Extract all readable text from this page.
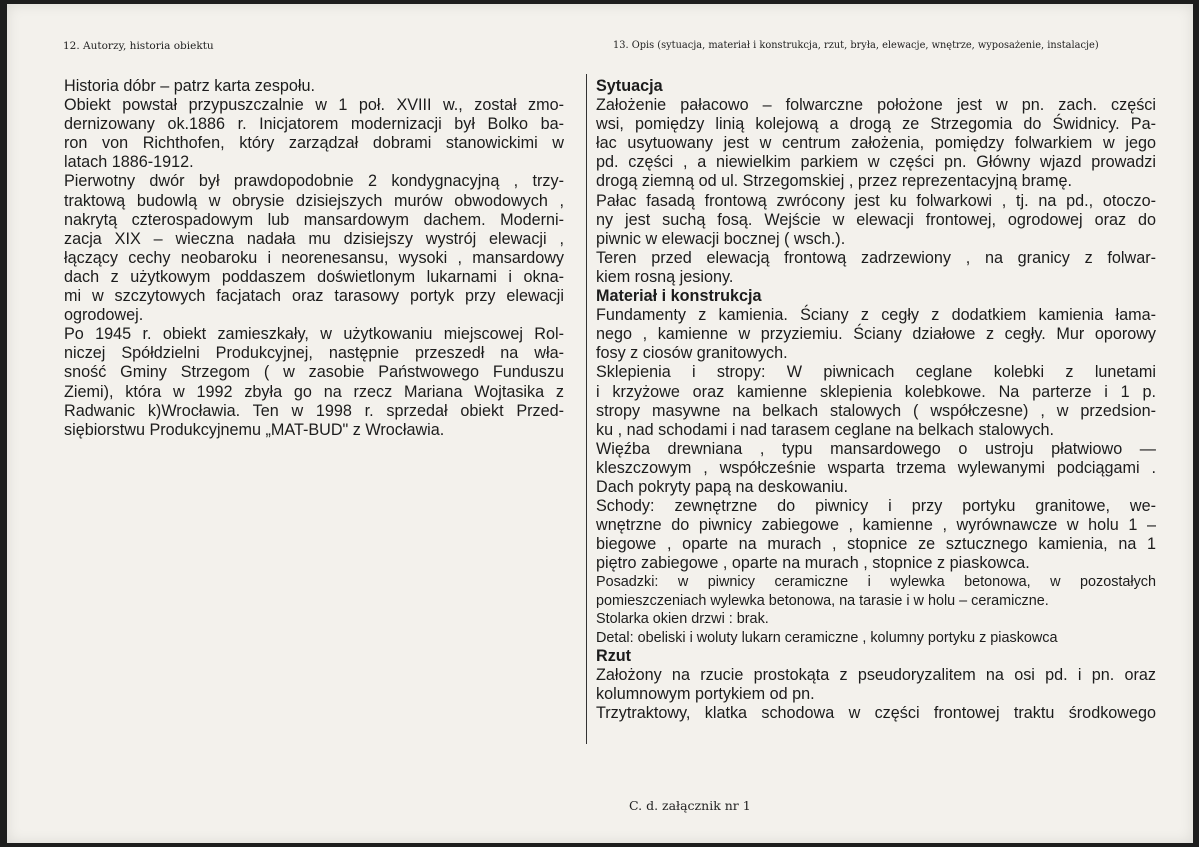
12. Autorzy, historia obiektu	13. Opis (sytuacja, materiał i konstrukcja, rzut, bryła, elewacje, wnętrze, wyposażenie, instalacje)
Historia dóbr – patrz karta zespołu.
Obiekt powstał przypuszczalnie w 1 poł. XVIII w., został zmo-
dernizowany ok.1886 r. Inicjatorem modernizacji był Bolko ba-
ron von Richthofen, który zarządzał dobrami stanowickimi w
latach 1886-1912.
Pierwotny dwór był prawdopodobnie 2 kondygnacyjną , trzy-
traktową budowlą w obrysie dzisiejszych murów obwodowych ,
nakrytą czterospadowym lub mansardowym dachem. Moderni-
zacja XIX – wieczna nadała mu dzisiejszy wystrój elewacji ,
łączący cechy neobaroku i neorenesansu, wysoki , mansardowy
dach z użytkowym poddaszem doświetlonym lukarnami i okna-
mi w szczytowych facjatach oraz tarasowy portyk przy elewacji
ogrodowej.
Po 1945 r. obiekt zamieszkały, w użytkowaniu miejscowej Rol-
niczej Spółdzielni Produkcyjnej, następnie przeszedł na wła-
sność Gminy Strzegom ( w zasobie Państwowego Funduszu
Ziemi), która w 1992 zbyła go na rzecz Mariana Wojtasika z
Radwanic k)Wrocławia. Ten w 1998 r. sprzedał obiekt Przed-
siębiorstwu Produkcyjnemu „MAT-BUD" z Wrocławia.
Sytuacja
Założenie pałacowo – folwarczne położone jest w pn. zach. części
wsi, pomiędzy linią kolejową a drogą ze Strzegomia do Świdnicy. Pa-
łac usytuowany jest w centrum założenia, pomiędzy folwarkiem w jego
pd. części , a niewielkim parkiem w części pn. Główny wjazd prowadzi
drogą ziemną od ul. Strzegomskiej , przez reprezentacyjną bramę.
Pałac fasadą frontową zwrócony jest ku folwarkowi , tj. na pd., otoczo-
ny jest suchą fosą. Wejście w elewacji frontowej, ogrodowej oraz do
piwnic w elewacji bocznej ( wsch.).
Teren przed elewacją frontową zadrzewiony , na granicy z folwar-
kiem rosną jesiony.
Materiał i konstrukcja
Fundamenty z kamienia. Ściany z cegły z dodatkiem kamienia łama-
nego , kamienne w przyziemiu. Ściany działowe z cegły. Mur oporowy
fosy z ciosów granitowych.
Sklepienia i stropy: W piwnicach ceglane kolebki z lunetami
i krzyżowe oraz kamienne sklepienia kolebkowe. Na parterze i 1 p.
stropy masywne na belkach stalowych ( współczesne) , w przedsion-
ku , nad schodami i nad tarasem ceglane na belkach stalowych.
Więźba drewniana , typu mansardowego o ustroju płatwiowo —
kleszczowym , współcześnie wsparta trzema wylewanymi podciągami .
Dach pokryty papą na deskowaniu.
Schody: zewnętrzne do piwnicy i przy portyku granitowe, we-
wnętrzne do piwnicy zabiegowe , kamienne , wyrównawcze w holu 1 –
biegowe , oparte na murach , stopnice ze sztucznego kamienia, na 1
piętro zabiegowe , oparte na murach , stopnice z piaskowca.
Posadzki: w piwnicy ceramiczne i wylewka betonowa, w pozostałych
pomieszczeniach wylewka betonowa, na tarasie i w holu – ceramiczne.
Stolarka okien drzwi : brak.
Detal: obeliski i woluty lukarn ceramiczne , kolumny portyku z piaskowca
Rzut
Założony na rzucie prostokąta z pseudoryzalitem na osi pd. i pn. oraz
kolumnowym portykiem od pn.
Trzytraktowy, klatka schodowa w części frontowej traktu środkowego
C. d. załącznik nr 1
